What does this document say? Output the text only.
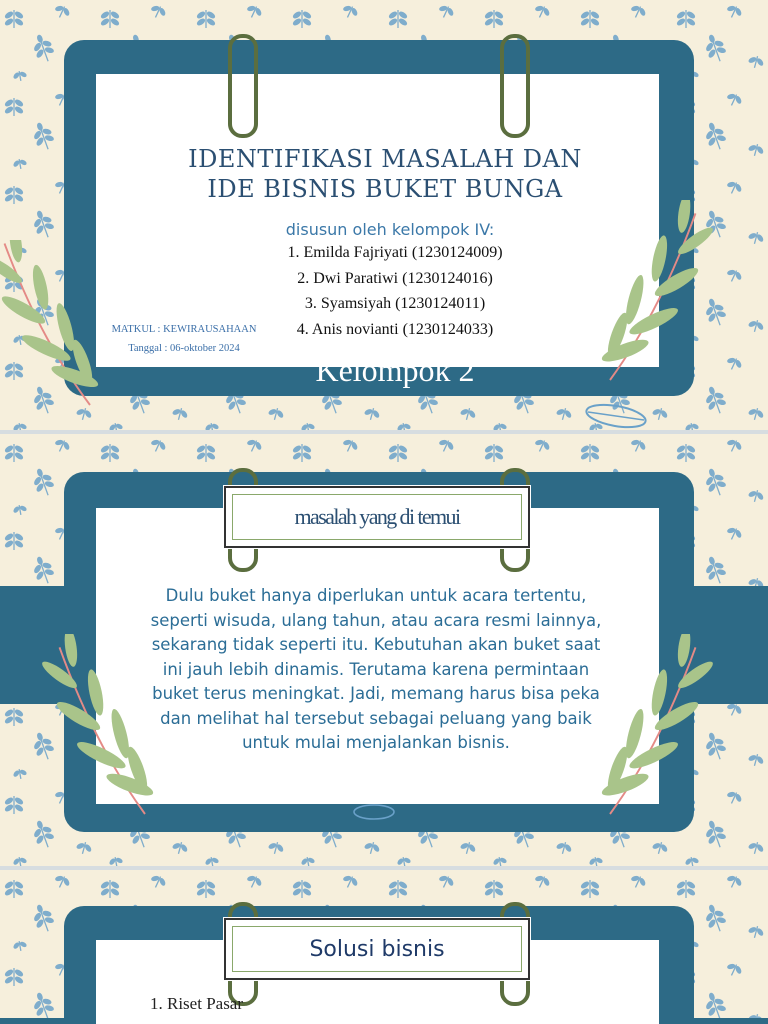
IDENTIFIKASI MASALAH DAN IDE BISNIS BUKET BUNGA
disusun oleh kelompok IV:
1. Emilda Fajriyati (1230124009)
2. Dwi Paratiwi (1230124016)
3. Syamsiyah (1230124011)
4. Anis novianti (1230124033)
MATKUL : KEWIRAUSAHAAN
Tanggal : 06-oktober 2024
Kelompok 2
masalah yang di temui
Dulu buket hanya diperlukan untuk acara tertentu, seperti wisuda, ulang tahun, atau acara resmi lainnya, sekarang tidak seperti itu. Kebutuhan akan buket saat ini jauh lebih dinamis. Terutama karena permintaan buket terus meningkat. Jadi, memang harus bisa peka dan melihat hal tersebut sebagai peluang yang baik untuk mulai menjalankan bisnis.
Solusi bisnis
1. Riset Pasar
